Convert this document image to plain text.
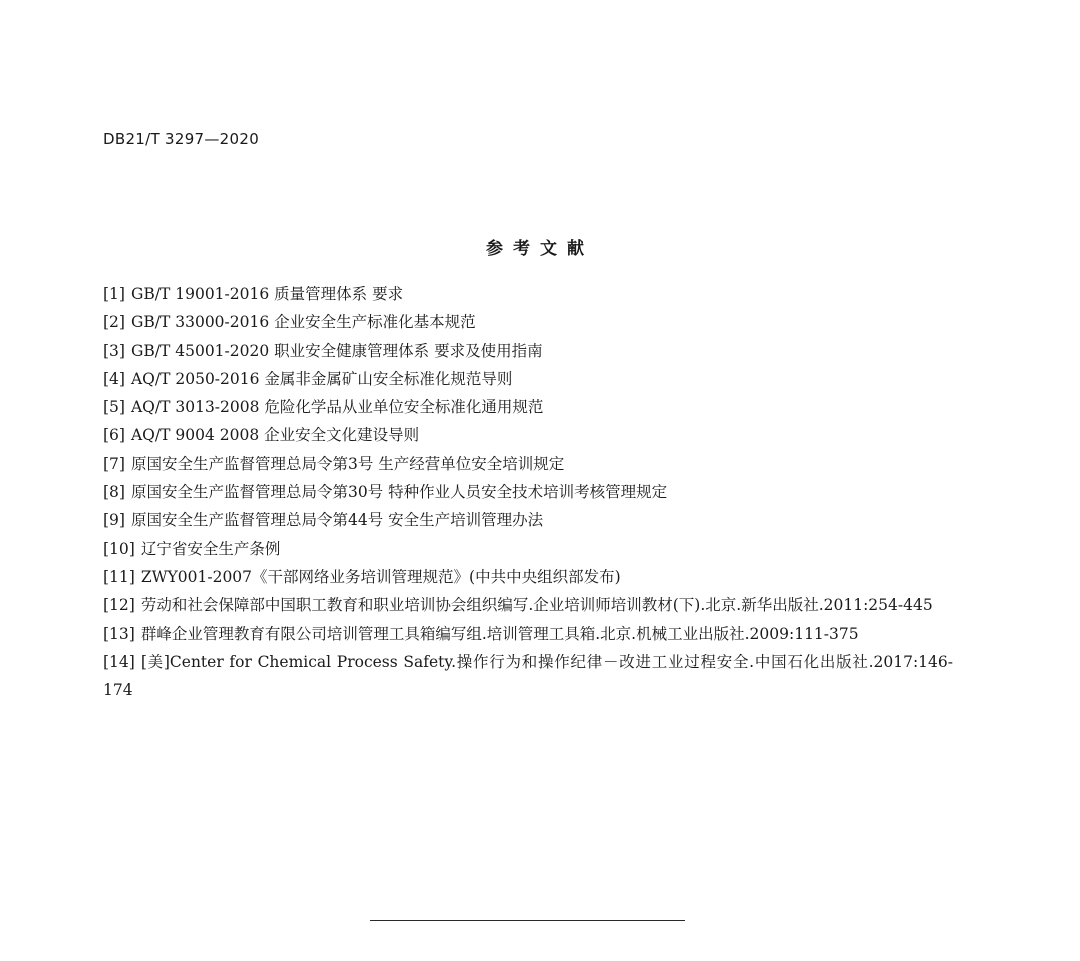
DB21/T 3297—2020
参考文献
[1] GB/T 19001-2016 质量管理体系 要求
[2] GB/T 33000-2016 企业安全生产标准化基本规范
[3] GB/T 45001-2020 职业安全健康管理体系 要求及使用指南
[4] AQ/T 2050-2016 金属非金属矿山安全标准化规范导则
[5] AQ/T 3013-2008 危险化学品从业单位安全标准化通用规范
[6] AQ/T 9004 2008 企业安全文化建设导则
[7] 原国安全生产监督管理总局令第3号 生产经营单位安全培训规定
[8] 原国安全生产监督管理总局令第30号 特种作业人员安全技术培训考核管理规定
[9] 原国安全生产监督管理总局令第44号 安全生产培训管理办法
[10] 辽宁省安全生产条例
[11] ZWY001-2007《干部网络业务培训管理规范》(中共中央组织部发布)
[12] 劳动和社会保障部中国职工教育和职业培训协会组织编写.企业培训师培训教材(下).北京.新华出版社.2011:254-445
[13] 群峰企业管理教育有限公司培训管理工具箱编写组.培训管理工具箱.北京.机械工业出版社.2009:111-375
[14] [美]Center for Chemical Process Safety.操作行为和操作纪律－改进工业过程安全.中国石化出版社.2017:146-174
